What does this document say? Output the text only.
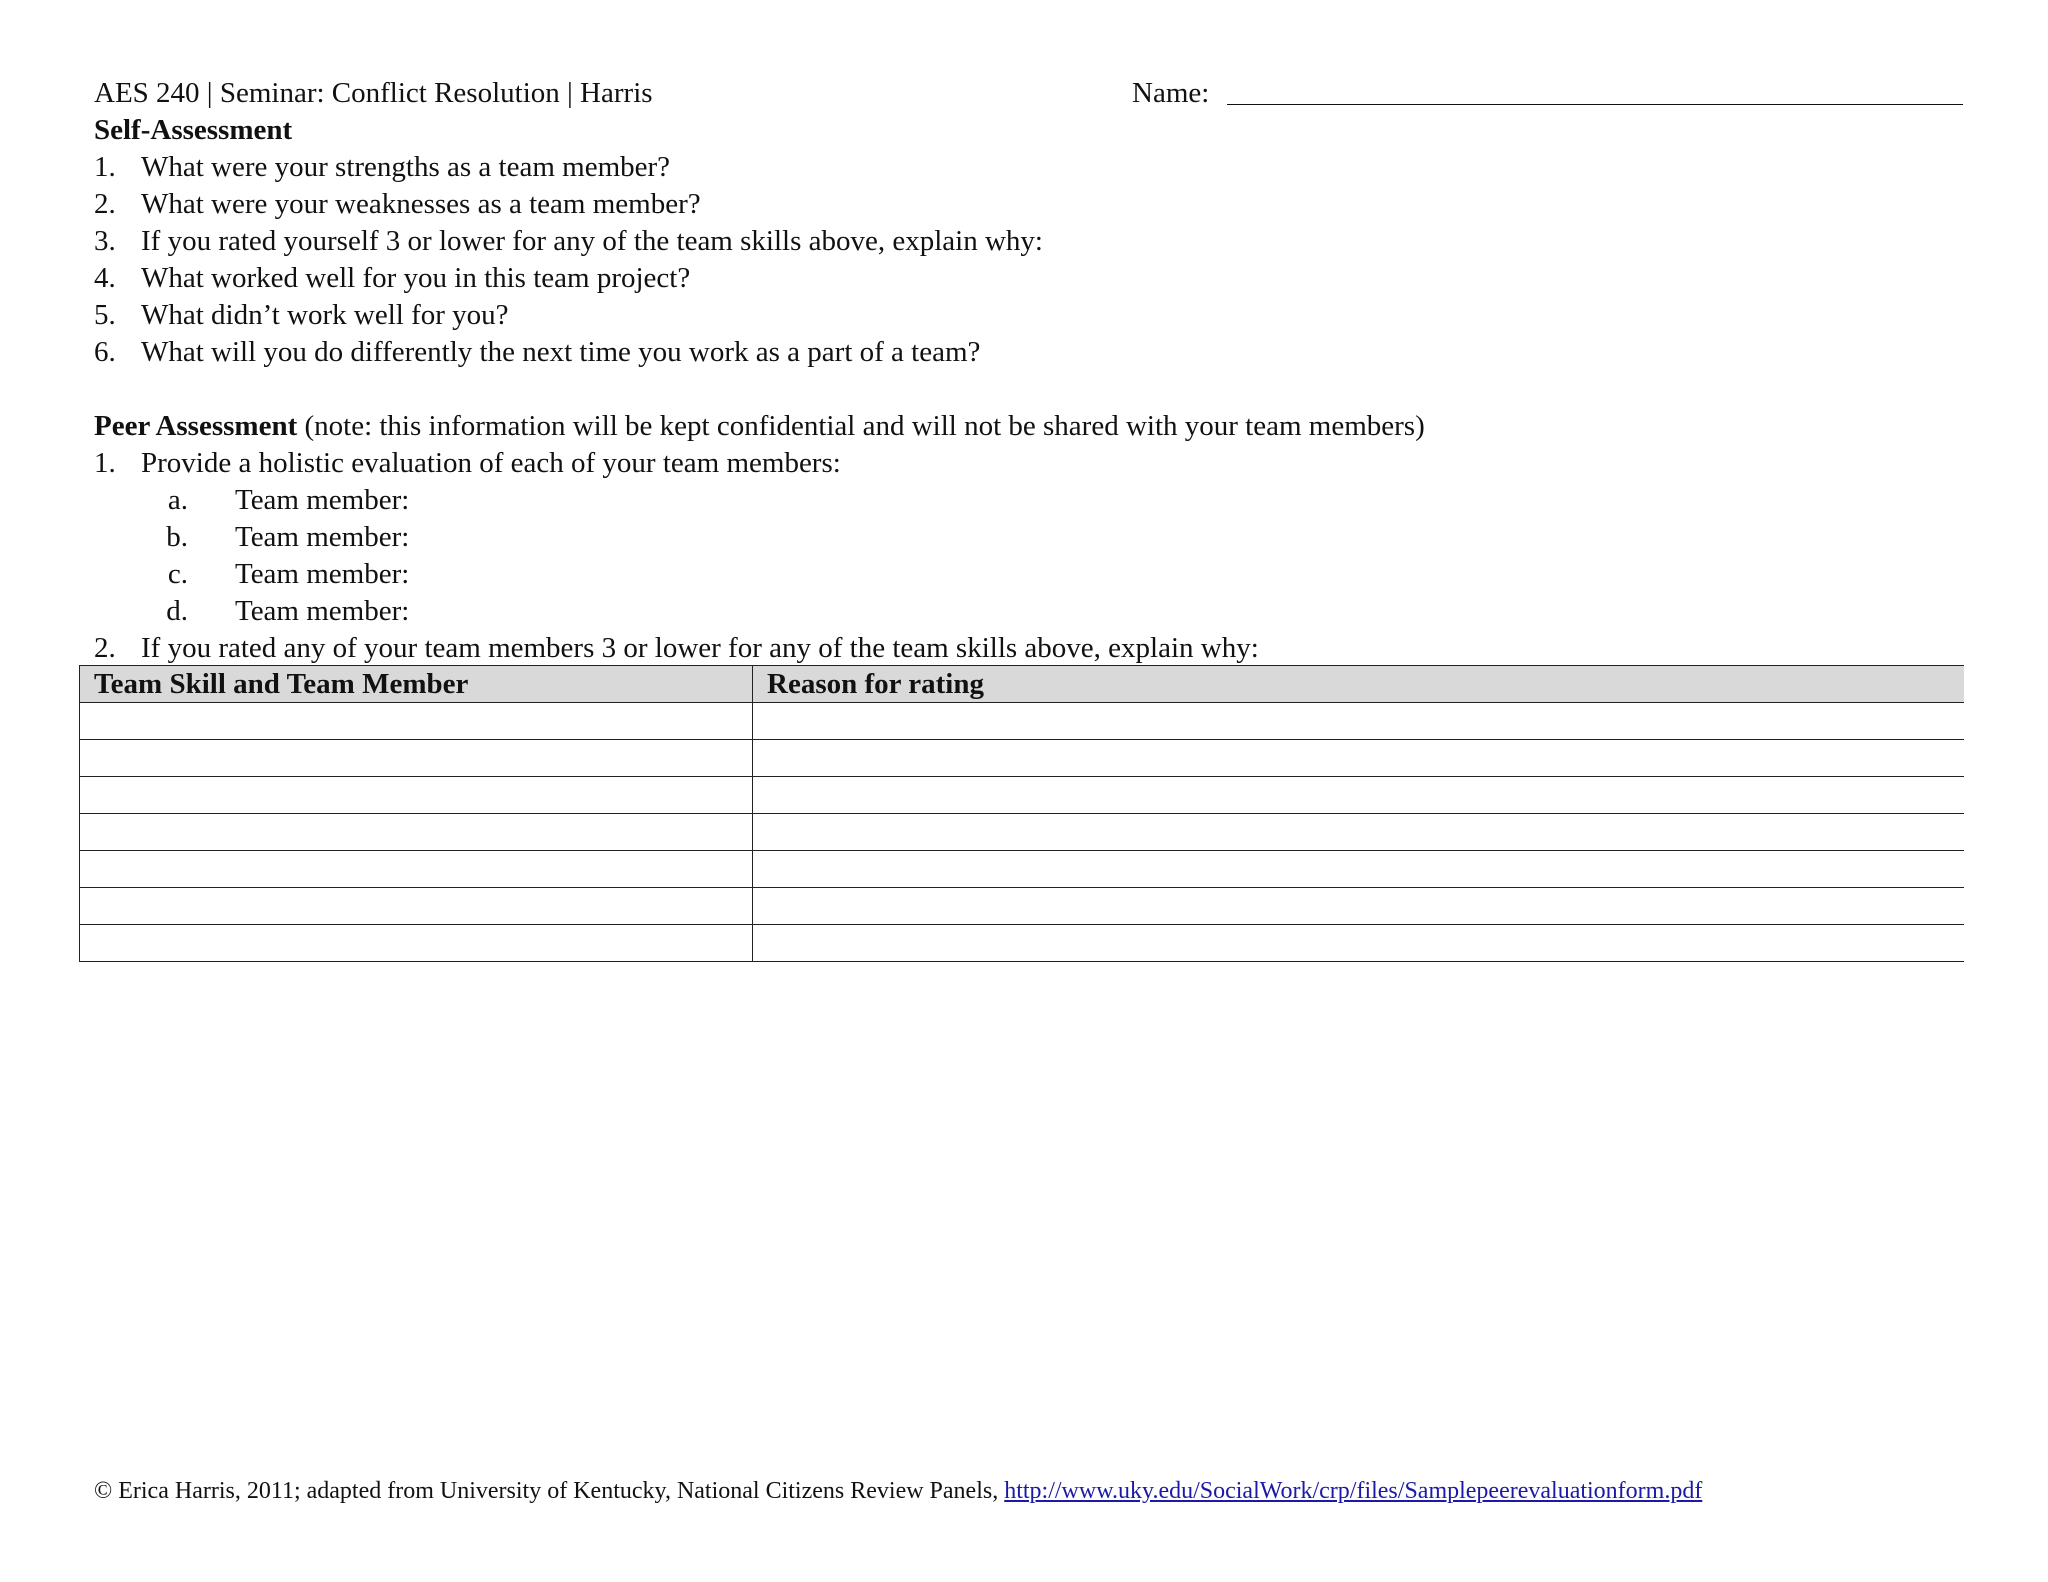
AES 240 | Seminar: Conflict Resolution | Harris	Name:
Self-Assessment
1. What were your strengths as a team member?
2. What were your weaknesses as a team member?
3. If you rated yourself 3 or lower for any of the team skills above, explain why:
4. What worked well for you in this team project?
5. What didn’t work well for you?
6. What will you do differently the next time you work as a part of a team?
Peer Assessment (note: this information will be kept confidential and will not be shared with your team members)
1. Provide a holistic evaluation of each of your team members:
a. Team member:
b. Team member:
c. Team member:
d. Team member:
2. If you rated any of your team members 3 or lower for any of the team skills above, explain why:
Team Skill and Team Member	Reason for rating

© Erica Harris, 2011; adapted from University of Kentucky, National Citizens Review Panels, http://www.uky.edu/SocialWork/crp/files/Samplepeerevaluationform.pdf
